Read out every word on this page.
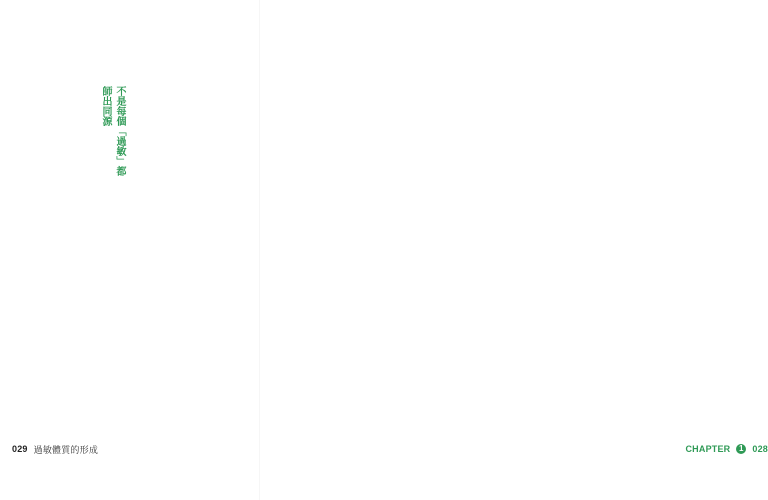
不是每個「過敏」都師出同源
029 過敏體質的形成	CHAPTER	1 028
